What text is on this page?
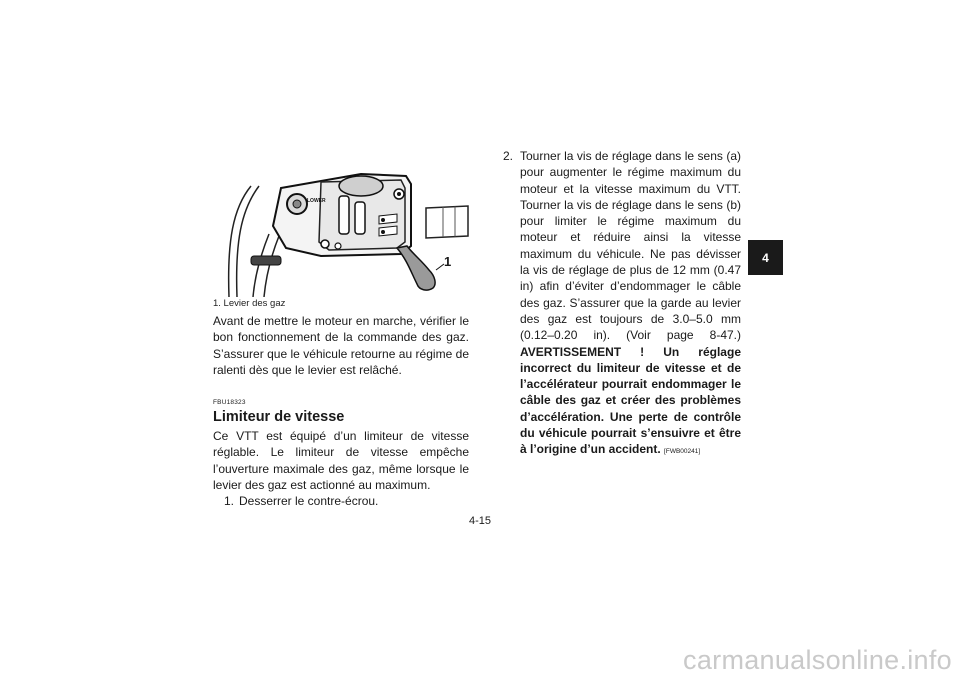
LOWER
1
1. Levier des gaz

Avant de mettre le moteur en marche, vérifier le bon fonctionnement de la commande des gaz. S’assurer que le véhicule retourne au régime de ralenti dès que le levier est relâché.

FBU18323

Limiteur de vitesse

Ce VTT est équipé d’un limiteur de vitesse réglable. Le limiteur de vitesse empêche l’ouverture maximale des gaz, même lorsque le levier des gaz est actionné au maximum.

1. Desserrer le contre-écrou.
2. Tourner la vis de réglage dans le sens (a) pour augmenter le régime maximum du moteur et la vitesse maximum du VTT. Tourner la vis de réglage dans le sens (b) pour limiter le régime maximum du moteur et réduire ainsi la vitesse maximum du véhicule. Ne pas dévisser la vis de réglage de plus de 12 mm (0.47 in) afin d’éviter d’endommager le câble des gaz. S’assurer que la garde au levier des gaz est toujours de 3.0–5.0 mm (0.12–0.20 in). (Voir page 8-47.) AVERTISSEMENT ! Un réglage incorrect du limiteur de vitesse et de l’accélérateur pourrait endommager le câble des gaz et créer des problèmes d’accélération. Une perte de contrôle du véhicule pourrait s’ensuivre et être à l’origine d’un accident. [FWB00241]
4
4-15
carmanualsonline.info
